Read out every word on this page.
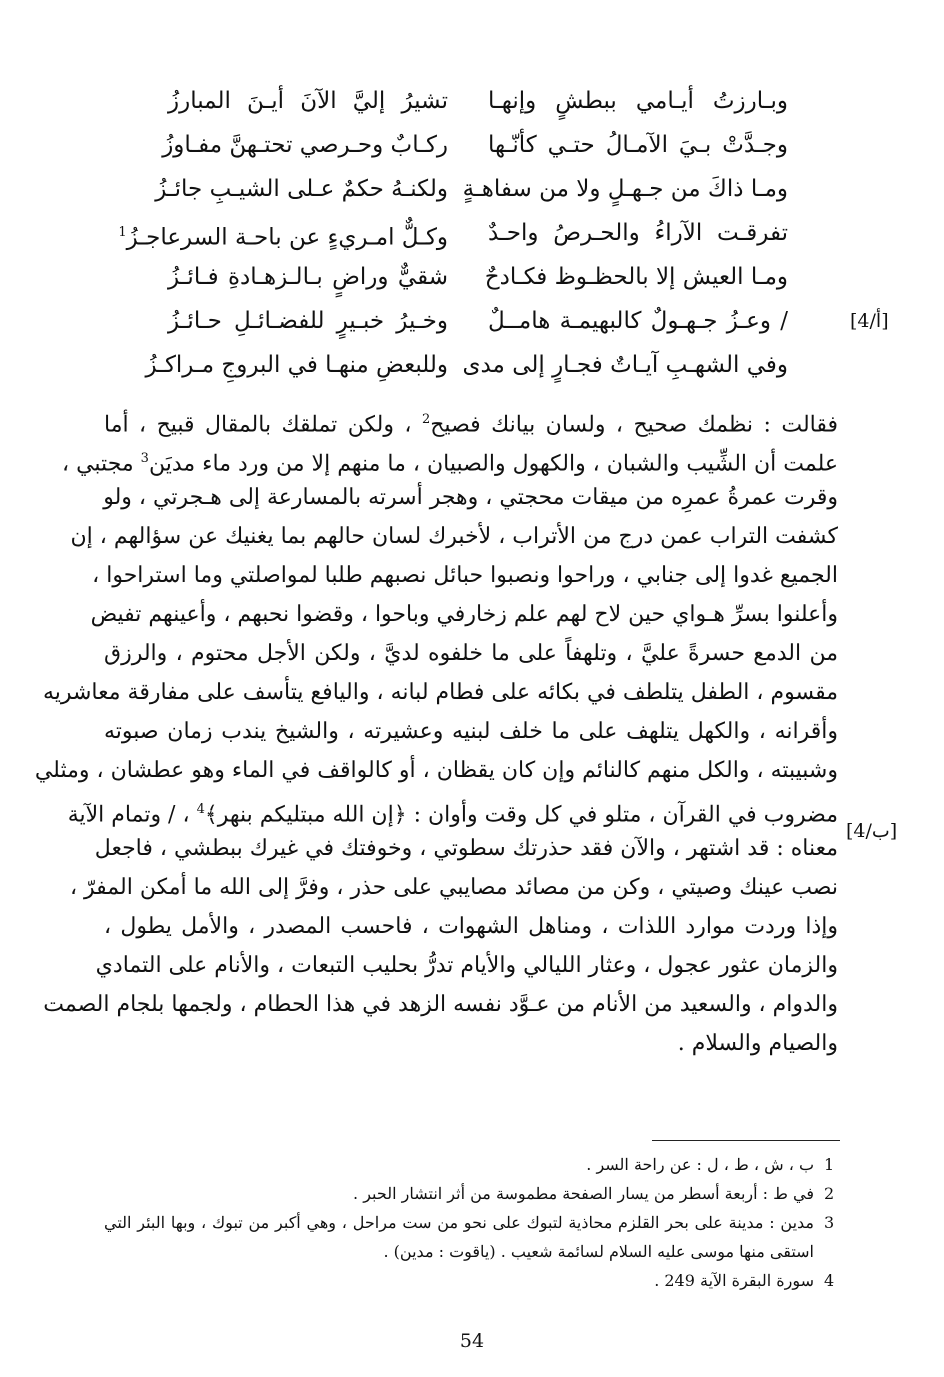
وبـارزتُ أيـامي ببطشٍ وإنهـا
تشيرُ إليَّ الآنَ أيـنَ المبارزُ
وجـدَّتْ بـيَ الآمـالُ حتـي كأنّـها
ركـابٌ وحـرصي تحتـهنَّ مفـاوزُ
ومـا ذاكَ من جـهـلٍ ولا من سفاهـةٍ
ولكنـهُ حكمٌ عـلى الشيـبِ جائـزُ
تفرقـت الآراءُ والحـرصُ واحـدٌ
وكـلٌّ امـريءٍ عن باحـة السرعاجـزُ$^1$
ومـا العيش إلا بالحظـوظ فكـادحٌ
شقيٌّ وراضٍ بـالـزهـادةِ فـائـزُ
/ وعـزُ جـهـولٌ كالبهيمـة هامــلٌ
وخـيرُ خبـيرٍ للفضـائـلِ حـائـزُ
وفي الشهـبِ آيـاتٌ فجـارٍ إلى مدى
وللبعضِ منهـا في البروجِ مـراكـزُ
[4/أ]
فقالت : نظمك صحيح ، ولسان بيانك فصيح$^2$ ، ولكن تملقك بالمقال قبيح ، أما
علمت أن الشِّيب والشبان ، والكهول والصبيان ، ما منهم إلا من ورد ماء مديَن$^3$ مجتبي ،
وقرت عمرةُ عمرِه من ميقات محجتي ، وهجر أسرته بالمسارعة إلى هـجرتي ، ولو
كشفت التراب عمن درج من الأتراب ، لأخبرك لسان حالهم بما يغنيك عن سؤالهم ، إن
الجميع غدوا إلى جنابي ، وراحوا ونصبوا حبائل نصبهم طلبا لمواصلتي وما استراحوا ،
وأعلنوا بسرِّ هـواي حين لاح لهم علم زخارفي وباحوا ، وقضوا نحبهم ، وأعينهم تفيض
من الدمع حسرةً عليَّ ، وتلهفاً على ما خلفوه لديَّ ، ولكن الأجل محتوم ، والرزق
مقسوم ، الطفل يتلطف في بكائه على فطام لبانه ، واليافع يتأسف على مفارقة معاشريه
وأقرانه ، والكهل يتلهف على ما خلف لبنيه وعشيرته ، والشيخ يندب زمان صبوته
وشبيبته ، والكل منهم كالنائم وإن كان يقظان ، أو كالواقف في الماء وهو عطشان ، ومثلي
مضروب في القرآن ، متلو في كل وقت وأوان : ﴿إن الله مبتليكم بنهر﴾$^4$ ، / وتمام الآية
معناه : قد اشتهر ، والآن فقد حذرتك سطوتي ، وخوفتك في غيرك ببطشي ، فاجعل
نصب عينك وصيتي ، وكن من مصائد مصايبي على حذر ، وفرَّ إلى الله ما أمكن المفرّ ،
وإذا وردت موارد اللذات ، ومناهل الشهوات ، فاحسب المصدر ، والأمل يطول ،
والزمان عثور عجول ، وعثار الليالي والأيام تدرُّ بحليب التبعات ، والأنام على التمادي
والدوام ، والسعيد من الأنام من عـوَّد نفسه الزهد في هذا الحطام ، ولجمها بلجام الصمت
والصيام والسلام .
[4/ب]
1
ب ، ش ، ط ، ل : عن راحة السر .
2
في ط : أربعة أسطر من يسار الصفحة مطموسة من أثر انتشار الحبر .
3
مدين : مدينة على بحر القلزم محاذية لتبوك على نحو من ست مراحل ، وهي أكبر من تبوك ، وبها البئر التي استقى منها موسى عليه السلام لسائمة شعيب . (ياقوت : مدين) .
4
سورة البقرة الآية 249 .
54
